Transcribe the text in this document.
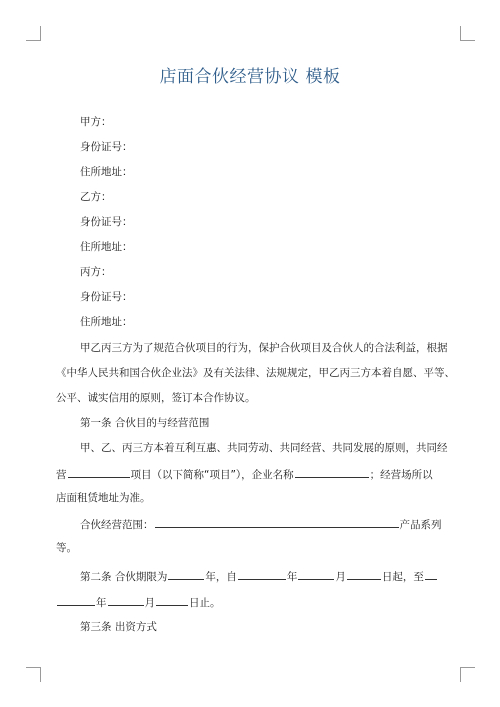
店面合伙经营协议 模板
甲方：
身份证号：
住所地址：
乙方：
身份证号：
住所地址：
丙方：
身份证号：
住所地址：
甲乙丙三方为了规范合伙项目的行为，保护合伙项目及合伙人的合法利益，根据
《中华人民共和国合伙企业法》及有关法律、法规规定，甲乙丙三方本着自愿、平等、
公平、诚实信用的原则，签订本合作协议。
第一条 合伙目的与经营范围
甲、乙、丙三方本着互利互惠、共同劳动、共同经营、共同发展的原则，共同经
营	项目（以下简称“项目”），企业名称	；经营场所以
店面租赁地址为准。
合伙经营范围：	产品系列
等。
第二条 合伙期限为	年，自	年	月	日起，至
年	月	日止。
第三条 出资方式
